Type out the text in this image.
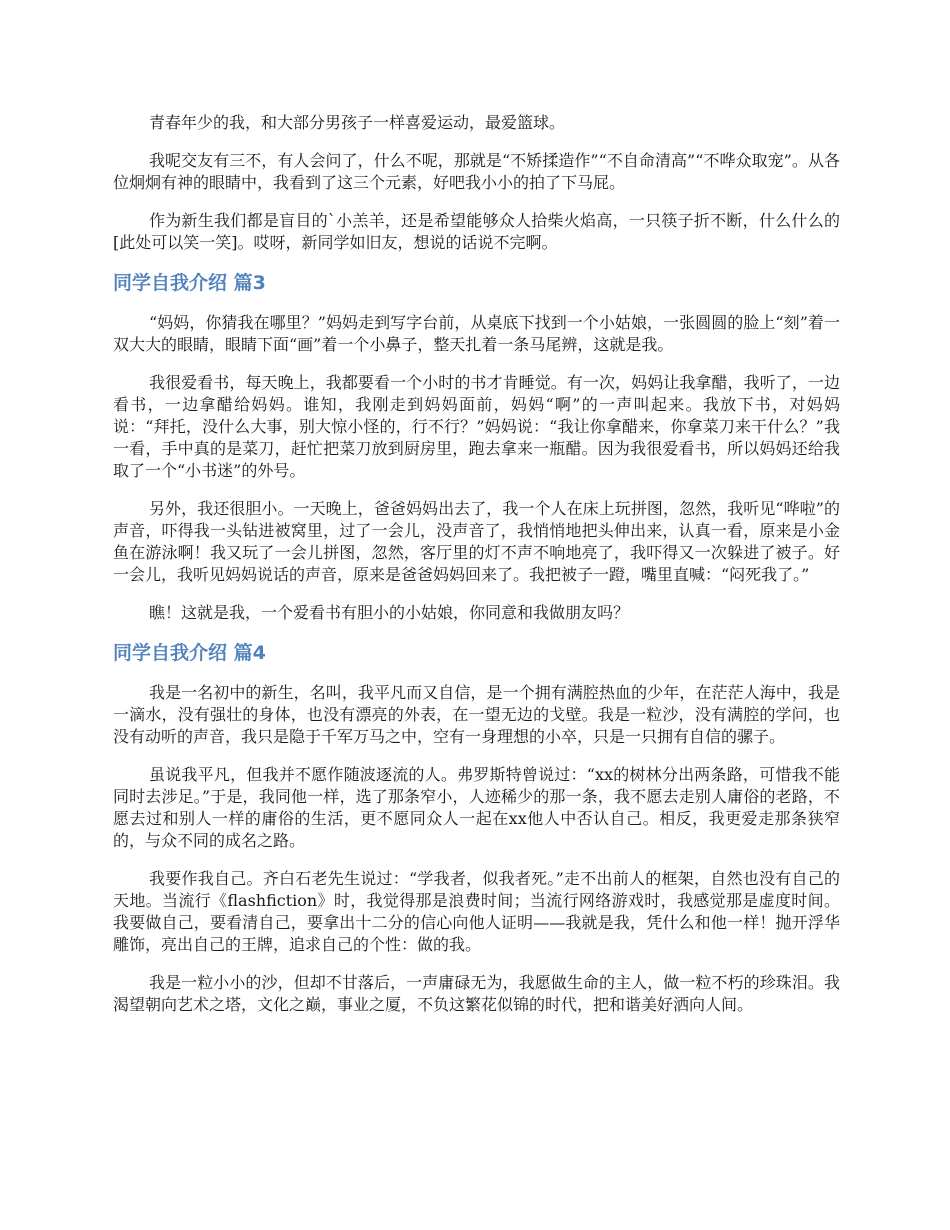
青春年少的我，和大部分男孩子一样喜爱运动，最爱篮球。

我呢交友有三不，有人会问了，什么不呢，那就是“不矫揉造作”“不自命清高”“不哗众取宠”。从各位炯炯有神的眼睛中，我看到了这三个元素，好吧我小小的拍了下马屁。

作为新生我们都是盲目的`小羔羊，还是希望能够众人拾柴火焰高，一只筷子折不断，什么什么的[此处可以笑一笑]。哎呀，新同学如旧友，想说的话说不完啊。

同学自我介绍 篇3

“妈妈，你猜我在哪里？”妈妈走到写字台前，从桌底下找到一个小姑娘，一张圆圆的脸上“刻”着一双大大的眼睛，眼睛下面“画”着一个小鼻子，整天扎着一条马尾辨，这就是我。

我很爱看书，每天晚上，我都要看一个小时的书才肯睡觉。有一次，妈妈让我拿醋，我听了，一边看书，一边拿醋给妈妈。谁知，我刚走到妈妈面前，妈妈“啊”的一声叫起来。我放下书，对妈妈说：“拜托，没什么大事，别大惊小怪的，行不行？”妈妈说：“我让你拿醋来，你拿菜刀来干什么？”我一看，手中真的是菜刀，赶忙把菜刀放到厨房里，跑去拿来一瓶醋。因为我很爱看书，所以妈妈还给我取了一个“小书迷”的外号。

另外，我还很胆小。一天晚上，爸爸妈妈出去了，我一个人在床上玩拼图，忽然，我听见“哗啦”的声音，吓得我一头钻进被窝里，过了一会儿，没声音了，我悄悄地把头伸出来，认真一看，原来是小金鱼在游泳啊！我又玩了一会儿拼图，忽然，客厅里的灯不声不响地亮了，我吓得又一次躲进了被子。好一会儿，我听见妈妈说话的声音，原来是爸爸妈妈回来了。我把被子一蹬，嘴里直喊：“闷死我了。”

瞧！这就是我，一个爱看书有胆小的小姑娘，你同意和我做朋友吗？

同学自我介绍 篇4

我是一名初中的新生，名叫，我平凡而又自信，是一个拥有满腔热血的少年，在茫茫人海中，我是一滴水，没有强壮的身体，也没有漂亮的外表，在一望无边的戈壁。我是一粒沙，没有满腔的学问，也没有动听的声音，我只是隐于千军万马之中，空有一身理想的小卒，只是一只拥有自信的骡子。

虽说我平凡，但我并不愿作随波逐流的人。弗罗斯特曾说过：“xx的树林分出两条路，可惜我不能同时去涉足。”于是，我同他一样，选了那条窄小，人迹稀少的那一条，我不愿去走别人庸俗的老路，不愿去过和别人一样的庸俗的生活，更不愿同众人一起在xx他人中否认自己。相反，我更爱走那条狭窄的，与众不同的成名之路。

我要作我自己。齐白石老先生说过：“学我者，似我者死。”走不出前人的框架，自然也没有自己的天地。当流行《flashfiction》时，我觉得那是浪费时间；当流行网络游戏时，我感觉那是虚度时间。我要做自己，要看清自己，要拿出十二分的信心向他人证明——我就是我，凭什么和他一样！抛开浮华雕饰，亮出自己的王牌，追求自己的个性：做的我。

我是一粒小小的沙，但却不甘落后，一声庸碌无为，我愿做生命的主人，做一粒不朽的珍珠泪。我渴望朝向艺术之塔，文化之巅，事业之厦，不负这繁花似锦的时代，把和谐美好洒向人间。
